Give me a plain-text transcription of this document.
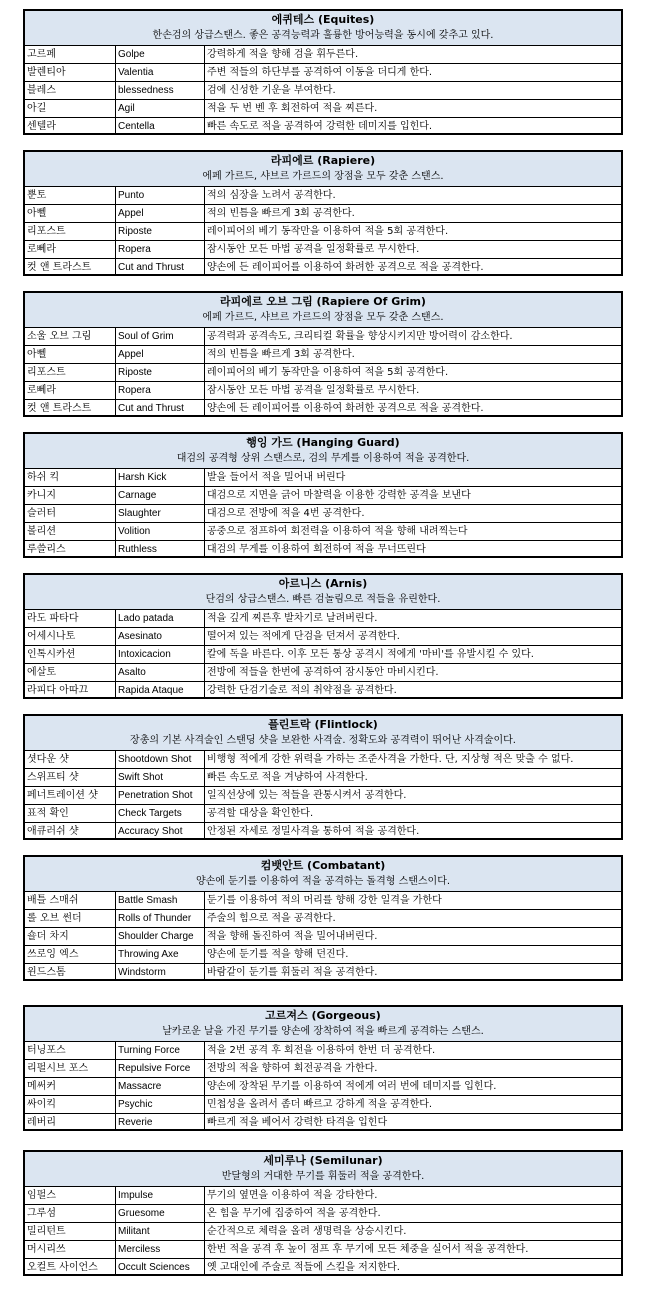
에퀴테스 (Equites)
한손검의 상급스탠스. 좋은 공격능력과 훌륭한 방어능력을 동시에 갖추고 있다.
고르페	Golpe	강력하게 적을 향해 검을 휘두른다.
발렌티아	Valentia	주변 적들의 하단부를 공격하여 이동을 더디게 한다.
블레스	blessedness	검에 신성한 기운을 부여한다.
아길	Agil	적을 두 번 벤 후 회전하여 적을 찌른다.
센텔라	Centella	빠른 속도로 적을 공격하여 강력한 데미지를 입힌다.
라피에르 (Rapiere)
에페 가르드, 샤브르 가르드의 장점을 모두 갖춘 스탠스.
뿐토	Punto	적의 심장을 노려서 공격한다.
아뻴	Appel	적의 빈틈을 빠르게 3회 공격한다.
리포스트	Riposte	레이피어의 베기 동작만을 이용하여 적을 5회 공격한다.
로뻬라	Ropera	잠시동안 모든 마법 공격을 일정확률로 무시한다.
컷 앤 트라스트	Cut and Thrust	양손에 든 레이피어를 이용하여 화려한 공격으로 적을 공격한다.
라피에르 오브 그림 (Rapiere Of Grim)
에페 가르드, 샤브르 가르드의 장점을 모두 갖춘 스탠스.
소울 오브 그림	Soul of Grim	공격력과 공격속도, 크리티컬 확률을 향상시키지만 방어력이 감소한다.
아뻴	Appel	적의 빈틈을 빠르게 3회 공격한다.
리포스트	Riposte	레이피어의 베기 동작만을 이용하여 적을 5회 공격한다.
로뻬라	Ropera	잠시동안 모든 마법 공격을 일정확률로 무시한다.
컷 앤 트라스트	Cut and Thrust	양손에 든 레이피어를 이용하여 화려한 공격으로 적을 공격한다.
행잉 가드 (Hanging Guard)
대검의 공격형 상위 스탠스로, 검의 무게를 이용하여 적을 공격한다.
하쉬 킥	Harsh Kick	발을 들어서 적을 밀어내 버린다
카니지	Carnage	대검으로 지면을 긁어 마찰력을 이용한 강력한 공격을 보낸다
슬러터	Slaughter	대검으로 전방에 적을 4번 공격한다.
볼리션	Volition	공중으로 점프하여 회전력을 이용하여 적을 향해 내려찍는다
루쓸리스	Ruthless	대검의 무게를 이용하여 회전하여 적을 무너뜨린다
아르니스 (Arnis)
단검의 상급스탠스. 빠른 검놀림으로 적들을 유린한다.
라도 파타다	Lado patada	적을 깊게 찌른후 발차기로 날려버린다.
어세시나토	Asesinato	떨어져 있는 적에게 단검을 던져서 공격한다.
인톡시카션	Intoxicacion	칼에 독을 바른다. 이후 모든 통상 공격시 적에게 '마비'를 유발시킬 수 있다.
에살토	Asalto	전방에 적들을 한번에 공격하여 잠시동안 마비시킨다.
라피다 아따끄	Rapida Ataque	강력한 단검기술로 적의 취약점을 공격한다.
플린트락 (Flintlock)
장총의 기본 사격술인 스탠딩 샷을 보완한 사격술. 정확도와 공격력이 뛰어난 사격술이다.
셧다운 샷	Shootdown Shot	비행형 적에게 강한 위력을 가하는 조준사격을 가한다. 단, 지상형 적은 맞출 수 없다.
스위프티 샷	Swift Shot	빠른 속도로 적을 겨냥하여 사격한다.
페너트레이션 샷	Penetration Shot	일직선상에 있는 적들을 관통시켜서 공격한다.
표적 확인	Check Targets	공격할 대상을 확인한다.
애큐러쉬 샷	Accuracy Shot	안정된 자세로 정밀사격을 통하여 적을 공격한다.
컴뱃안트 (Combatant)
양손에 둔기를 이용하여 적을 공격하는 돌격형 스탠스이다.
배틀 스매쉬	Battle Smash	둔기를 이용하여 적의 머리를 향해 강한 일격을 가한다
롤 오브 썬더	Rolls of Thunder	주술의 힘으로 적을 공격한다.
숄더 차지	Shoulder Charge	적을 향해 돌진하여 적을 밀어내버린다.
쓰로잉 엑스	Throwing Axe	양손에 둔기를 적을 향해 던진다.
윈드스톰	Windstorm	바람같이 둔기를 휘둘러 적을 공격한다.
고르져스 (Gorgeous)
날카로운 날을 가진 무기를 양손에 장착하여 적을 빠르게 공격하는 스탠스.
터닝포스	Turning Force	적을 2번 공격 후 회전을 이용하여 한번 더 공격한다.
리펄시브 포스	Repulsive Force	전방의 적을 향하여 회전공격을 가한다.
메써커	Massacre	양손에 장착된 무기를 이용하여 적에게 여러 번에 데미지를 입힌다.
싸이킥	Psychic	민첩성을 올려서 좀더 빠르고 강하게 적을 공격한다.
레버리	Reverie	빠르게 적을 베어서 강력한 타격을 입힌다
세미루나 (Semilunar)
반달형의 거대한 무기를 휘둘러 적을 공격한다.
임펄스	Impulse	무기의 옆면을 이용하여 적을 강타한다.
그루섬	Gruesome	온 힘을 무기에 집중하여 적을 공격한다.
밀리턴트	Militant	순간적으로 체력을 올려 생명력을 상승시킨다.
머시리쓰	Merciless	한번 적을 공격 후 높이 점프 후 무기에 모든 체중을 실어서 적을 공격한다.
오컬트 사이언스	Occult Sciences	옛 고대인에 주술로 적들에 스킬을 저지한다.
